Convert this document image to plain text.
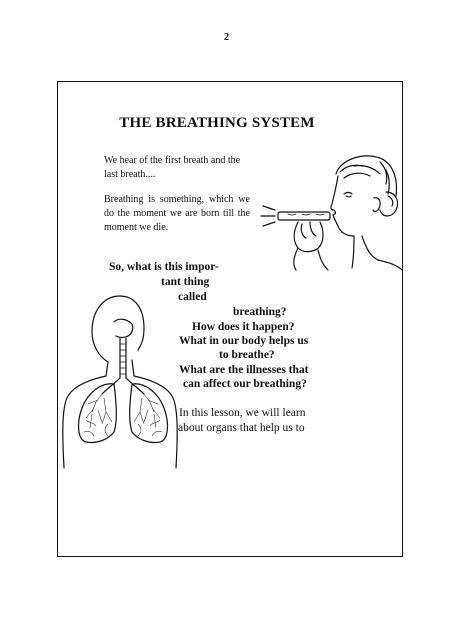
2
THE BREATHING SYSTEM
We hear of the first breath and the last breath....
Breathing is something, which we do the moment we are born till the moment we die.
So, what is this impor-
tant thing
called
breathing?
How does it happen?
What in our body helps us
to breathe?
What are the illnesses that
can affect our breathing?
In this lesson, we will learn
about organs that help us to
